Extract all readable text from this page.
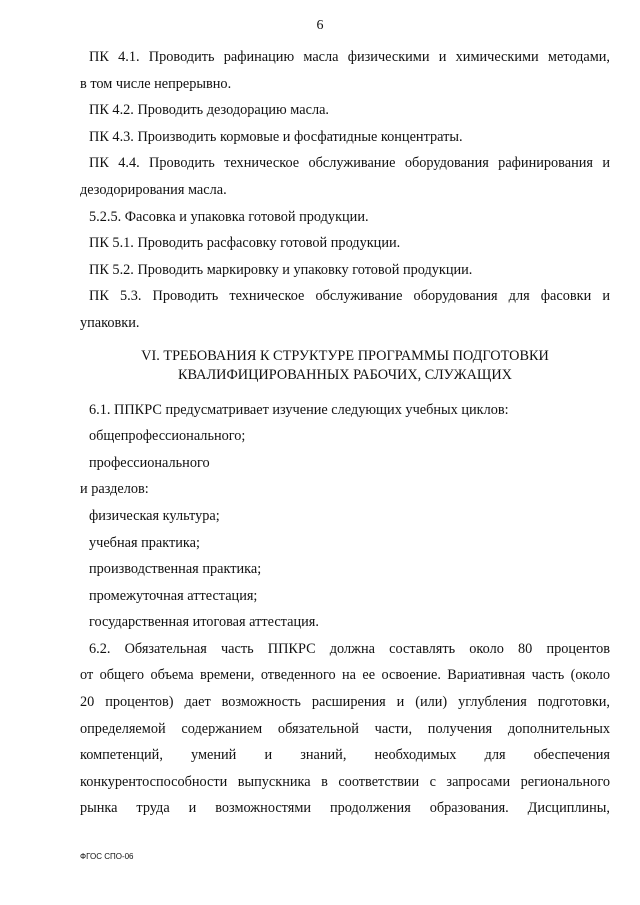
6

ПК 4.1. Проводить рафинацию масла физическими и химическими методами,

в том числе непрерывно.

ПК 4.2. Проводить дезодорацию масла.

ПК 4.3. Производить кормовые и фосфатидные концентраты.

ПК 4.4. Проводить техническое обслуживание оборудования рафинирования и

дезодорирования масла.

5.2.5. Фасовка и упаковка готовой продукции.

ПК 5.1. Проводить расфасовку готовой продукции.

ПК 5.2. Проводить маркировку и упаковку готовой продукции.

ПК 5.3. Проводить техническое обслуживание оборудования для фасовки и

упаковки.

VI. ТРЕБОВАНИЯ К СТРУКТУРЕ ПРОГРАММЫ ПОДГОТОВКИ
КВАЛИФИЦИРОВАННЫХ РАБОЧИХ, СЛУЖАЩИХ

6.1. ППКРС предусматривает изучение следующих учебных циклов:

общепрофессионального;

профессионального

и разделов:

физическая культура;

учебная практика;

производственная практика;

промежуточная аттестация;

государственная итоговая аттестация.

6.2. Обязательная часть ППКРС должна составлять около 80 процентов

от общего объема времени, отведенного на ее освоение. Вариативная часть (около

20 процентов) дает возможность расширения и (или) углубления подготовки,

определяемой содержанием обязательной части, получения дополнительных

компетенций, умений и знаний, необходимых для обеспечения

конкурентоспособности выпускника в соответствии с запросами регионального

рынка труда и возможностями продолжения образования. Дисциплины,

ФГОС СПО-06
